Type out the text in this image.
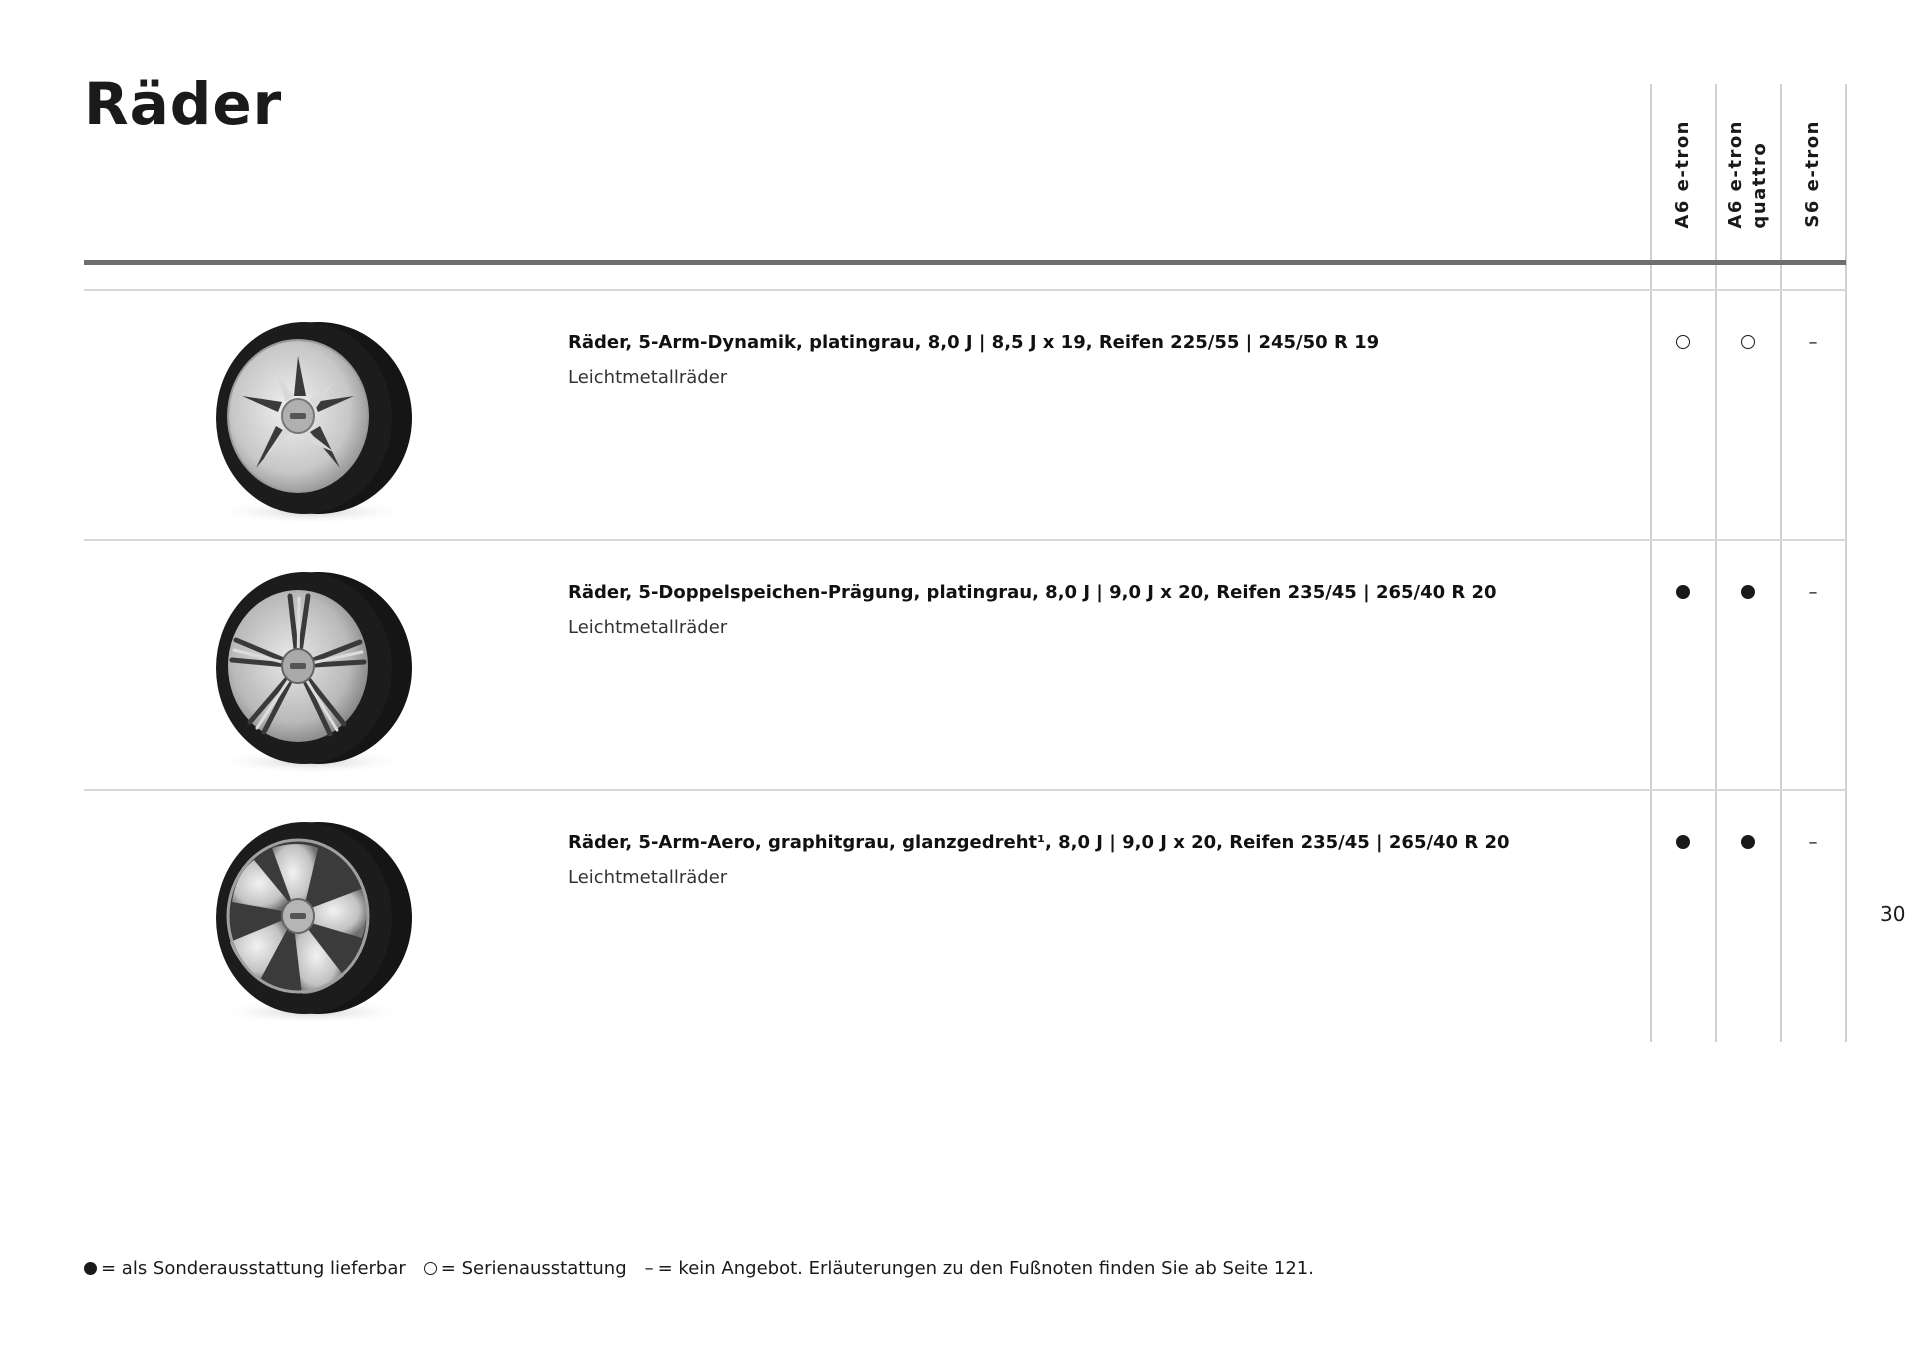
Räder
A6 e-tron A6 e-tron
quattro S6 e-tron
Räder, 5-Arm-Dynamik, platingrau, 8,0 J | 8,5 J x 19, Reifen 225/55 | 245/50 R 19
Leichtmetallräder
–
Räder, 5-Doppelspeichen-Prägung, platingrau, 8,0 J | 9,0 J x 20, Reifen 235/45 | 265/40 R 20
Leichtmetallräder
–
Räder, 5-Arm-Aero, graphitgrau, glanzgedreht¹, 8,0 J | 9,0 J x 20, Reifen 235/45 | 265/40 R 20
Leichtmetallräder
–
30
= als Sonderausstattung lieferbar = Serienausstattung – = kein Angebot. Erläuterungen zu den Fußnoten finden Sie ab Seite 121.
